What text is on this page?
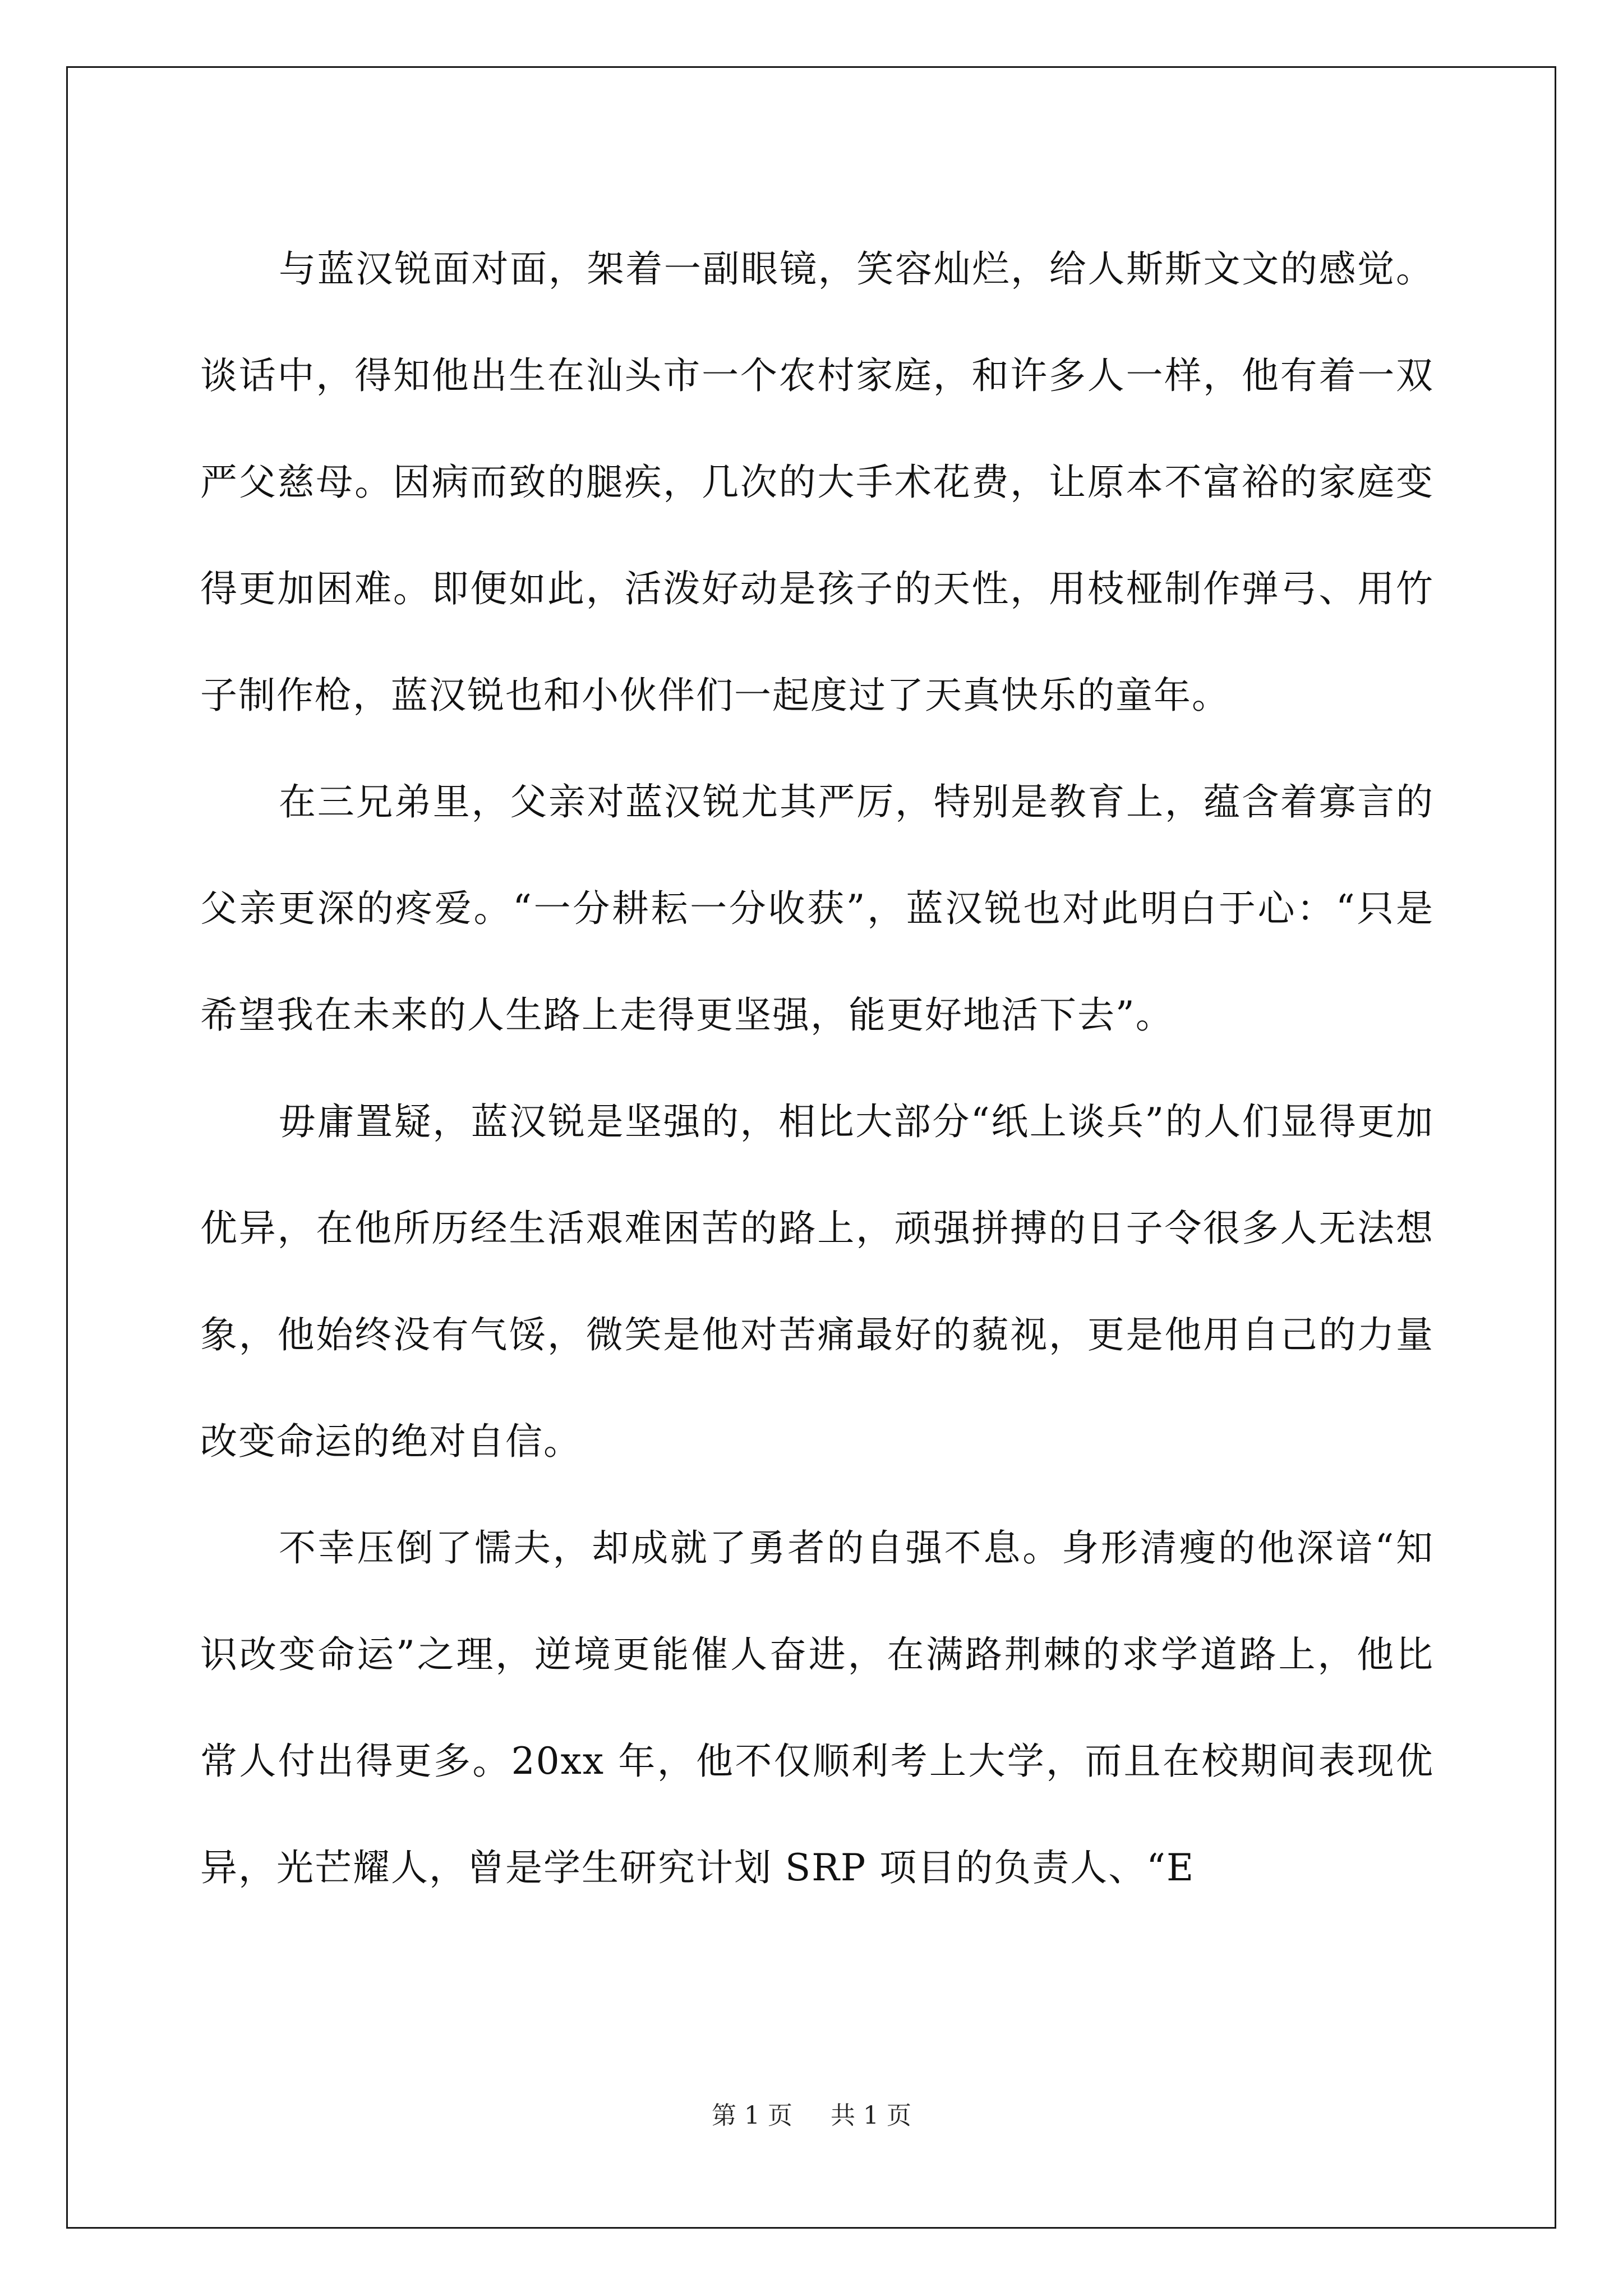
与蓝汉锐面对面，架着一副眼镜，笑容灿烂，给人斯斯文文的感觉。谈话中，得知他出生在汕头市一个农村家庭，和许多人一样，他有着一双严父慈母。因病而致的腿疾，几次的大手术花费，让原本不富裕的家庭变得更加困难。即便如此，活泼好动是孩子的天性，用枝桠制作弹弓、用竹子制作枪，蓝汉锐也和小伙伴们一起度过了天真快乐的童年。

在三兄弟里，父亲对蓝汉锐尤其严厉，特别是教育上，蕴含着寡言的父亲更深的疼爱。“一分耕耘一分收获”，蓝汉锐也对此明白于心：“只是希望我在未来的人生路上走得更坚强，能更好地活下去”。

毋庸置疑，蓝汉锐是坚强的，相比大部分“纸上谈兵”的人们显得更加优异，在他所历经生活艰难困苦的路上，顽强拼搏的日子令很多人无法想象，他始终没有气馁，微笑是他对苦痛最好的藐视，更是他用自己的力量改变命运的绝对自信。

不幸压倒了懦夫，却成就了勇者的自强不息。身形清瘦的他深谙“知识改变命运”之理，逆境更能催人奋进，在满路荆棘的求学道路上，他比常人付出得更多。20xx 年，他不仅顺利考上大学，而且在校期间表现优异，光芒耀人，曾是学生研究计划 SRP 项目的负责人、“E

第 1 页 共 1 页
